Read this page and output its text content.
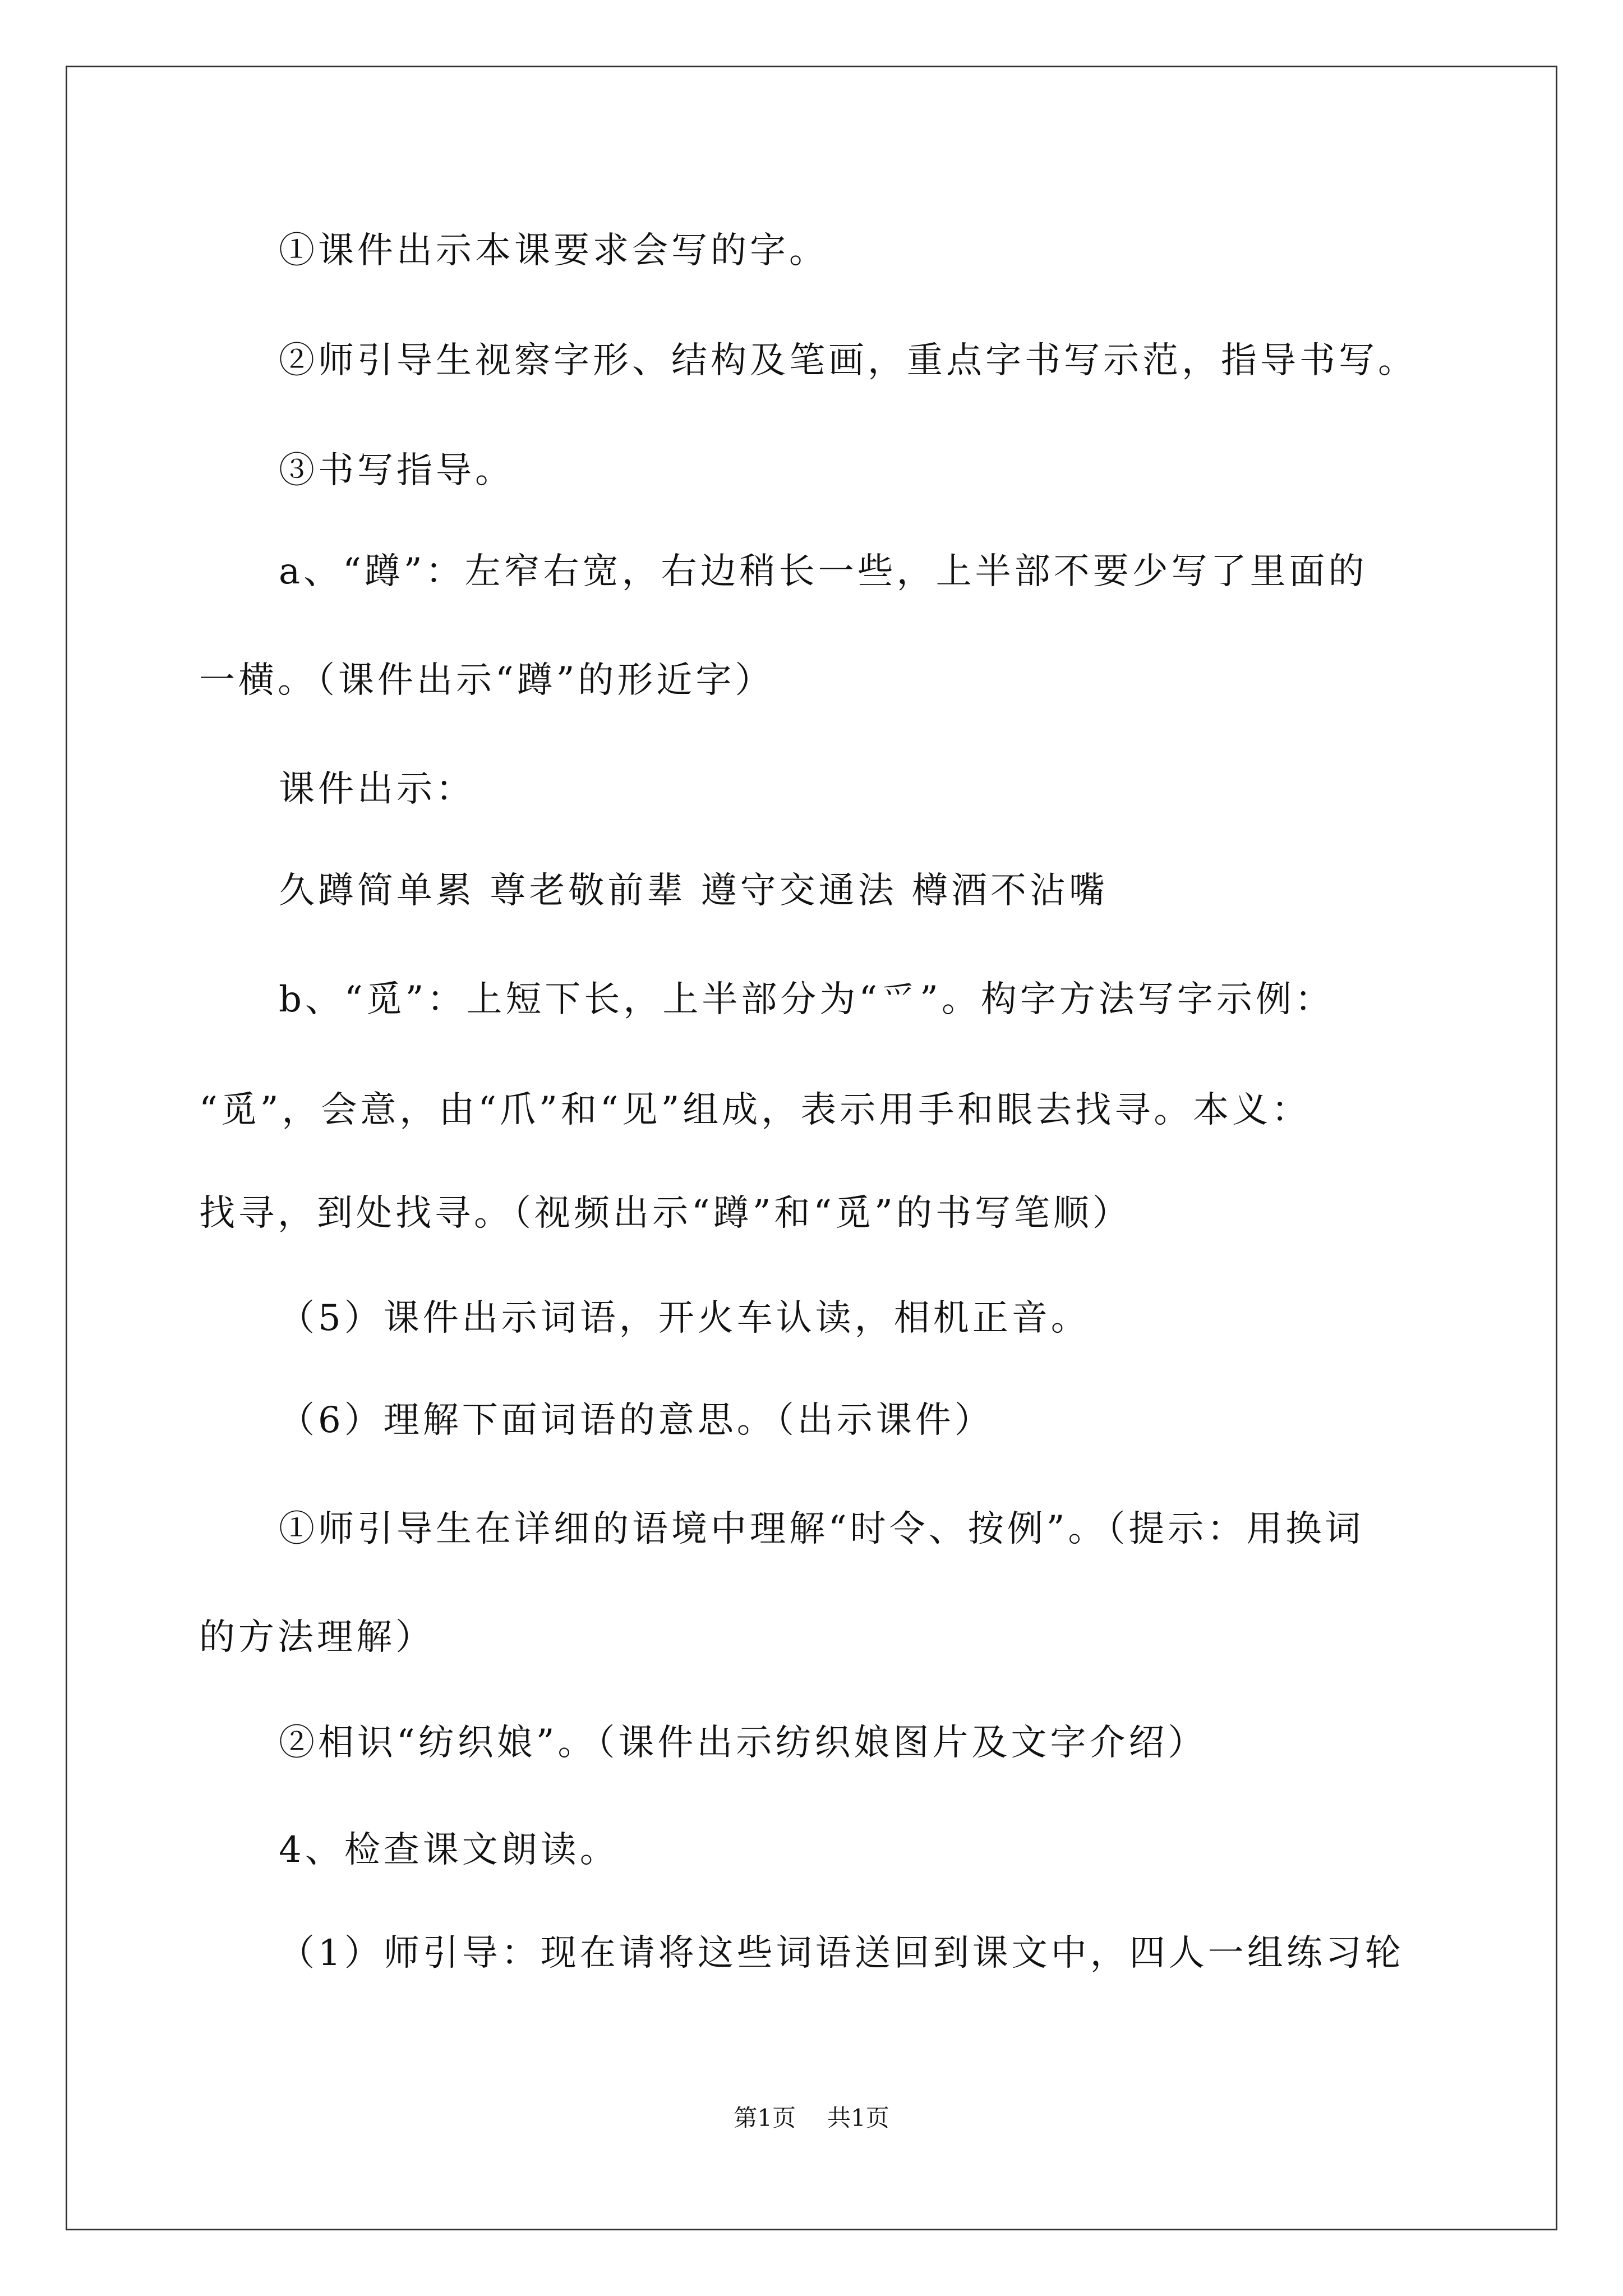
①课件出示本课要求会写的字。
②师引导生视察字形、结构及笔画，重点字书写示范，指导书写。
③书写指导。
a、“蹲”：左窄右宽，右边稍长一些，上半部不要少写了里面的
一横。（课件出示“蹲”的形近字）
课件出示：
久蹲简单累 尊老敬前辈 遵守交通法 樽酒不沾嘴
b、“觅”：上短下长，上半部分为“爫”。构字方法写字示例：
“觅”，会意，由“爪”和“见”组成，表示用手和眼去找寻。本义：
找寻，到处找寻。（视频出示“蹲”和“觅”的书写笔顺）
（5）课件出示词语，开火车认读，相机正音。
（6）理解下面词语的意思。（出示课件）
①师引导生在详细的语境中理解“时令、按例”。（提示：用换词
的方法理解）
②相识“纺织娘”。（课件出示纺织娘图片及文字介绍）
4、检查课文朗读。
（1）师引导：现在请将这些词语送回到课文中，四人一组练习轮
第1页 共1页
